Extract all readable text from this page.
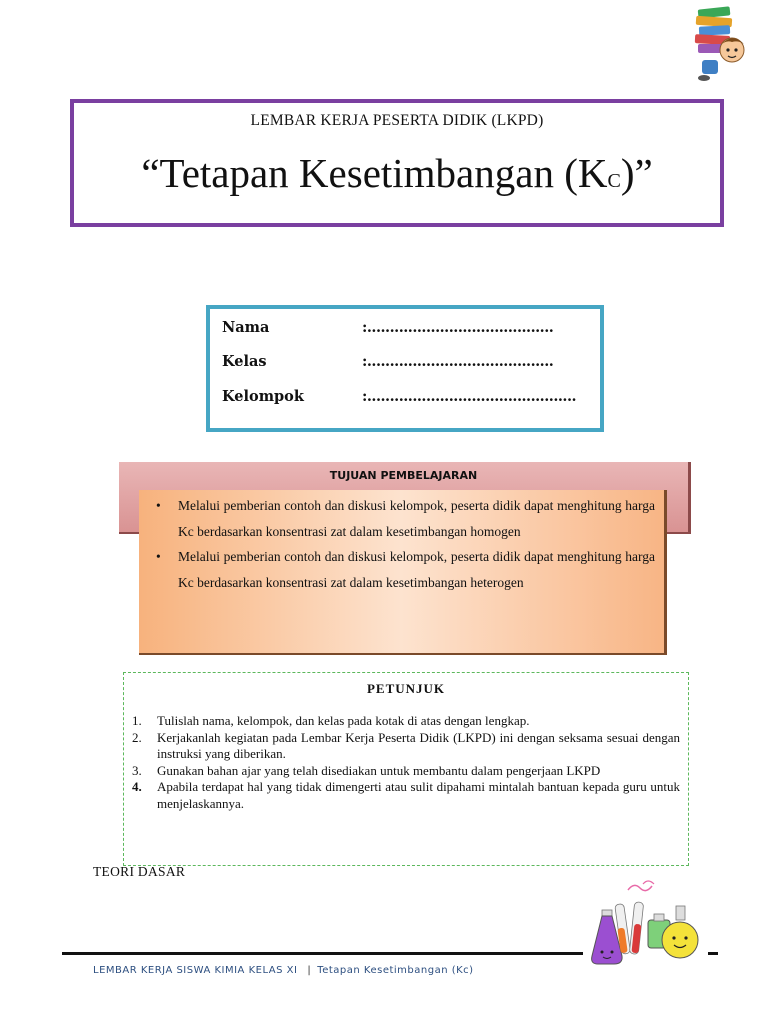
LEMBAR KERJA PESERTA DIDIK (LKPD)
“Tetapan Kesetimbangan (KC)”
Nama	:.........................................
Kelas	:.........................................
Kelompok	:..............................................
TUJUAN PEMBELAJARAN
• Melalui pemberian contoh dan diskusi kelompok, peserta didik dapat menghitung harga Kc berdasarkan konsentrasi zat dalam kesetimbangan homogen
• Melalui pemberian contoh dan diskusi kelompok, peserta didik dapat menghitung harga Kc berdasarkan konsentrasi zat dalam kesetimbangan heterogen
PETUNJUK
1. Tulislah nama, kelompok, dan kelas pada kotak di atas dengan lengkap.
2. Kerjakanlah kegiatan pada Lembar Kerja Peserta Didik (LKPD) ini dengan seksama sesuai dengan instruksi yang diberikan.
3. Gunakan bahan ajar yang telah disediakan untuk membantu dalam pengerjaan LKPD
4. Apabila terdapat hal yang tidak dimengerti atau sulit dipahami mintalah bantuan kepada guru untuk menjelaskannya.
TEORI DASAR
LEMBAR KERJA SISWA KIMIA KELAS XI | Tetapan Kesetimbangan (Kc)
